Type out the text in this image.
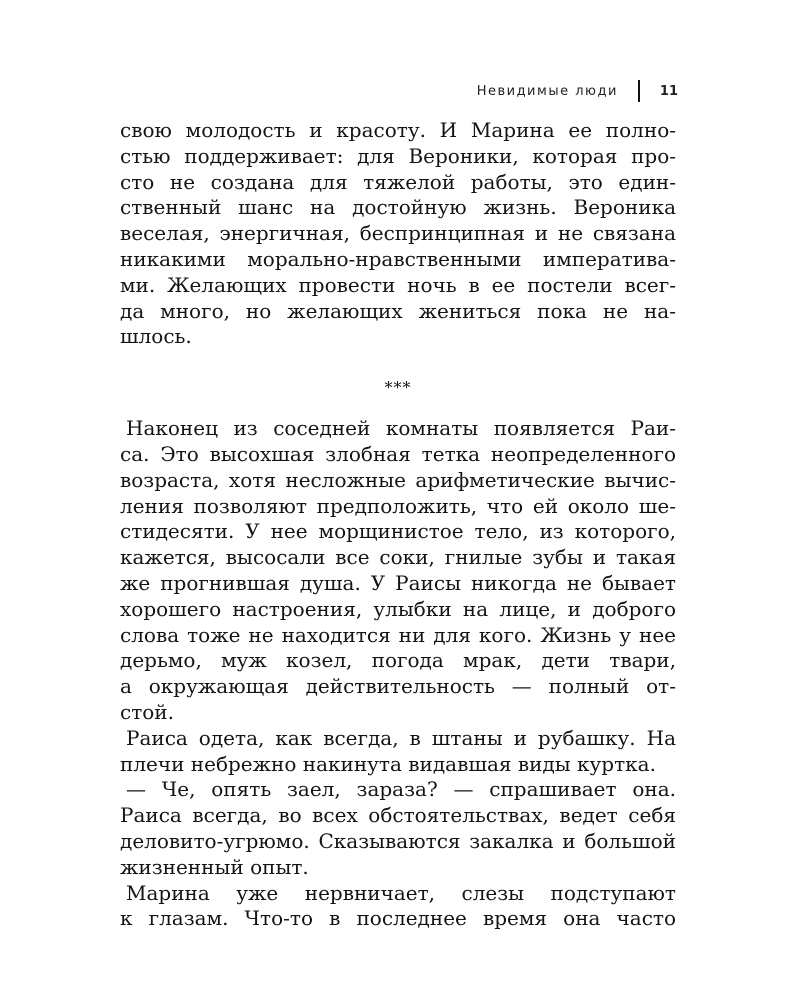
Невидимые люди	11
свою молодость и красоту. И Марина ее полно-
стью поддерживает: для Вероники, которая про-
сто не создана для тяжелой работы, это един-
ственный шанс на достойную жизнь. Вероника
веселая, энергичная, беспринципная и не связана
никакими морально-нравственными императива-
ми. Желающих провести ночь в ее постели всег-
да много, но желающих жениться пока не на-
шлось.
***
Наконец из соседней комнаты появляется Раи-
са. Это высохшая злобная тетка неопределенного
возраста, хотя несложные арифметические вычис-
ления позволяют предположить, что ей около ше-
стидесяти. У нее морщинистое тело, из которого,
кажется, высосали все соки, гнилые зубы и такая
же прогнившая душа. У Раисы никогда не бывает
хорошего настроения, улыбки на лице, и доброго
слова тоже не находится ни для кого. Жизнь у нее
дерьмо, муж козел, погода мрак, дети твари,
а окружающая действительность — полный от-
стой.
Раиса одета, как всегда, в штаны и рубашку. На
плечи небрежно накинута видавшая виды куртка.
— Че, опять заел, зараза? — спрашивает она.
Раиса всегда, во всех обстоятельствах, ведет себя
деловито-угрюмо. Сказываются закалка и большой
жизненный опыт.
Марина уже нервничает, слезы подступают
к глазам. Что-то в последнее время она часто
